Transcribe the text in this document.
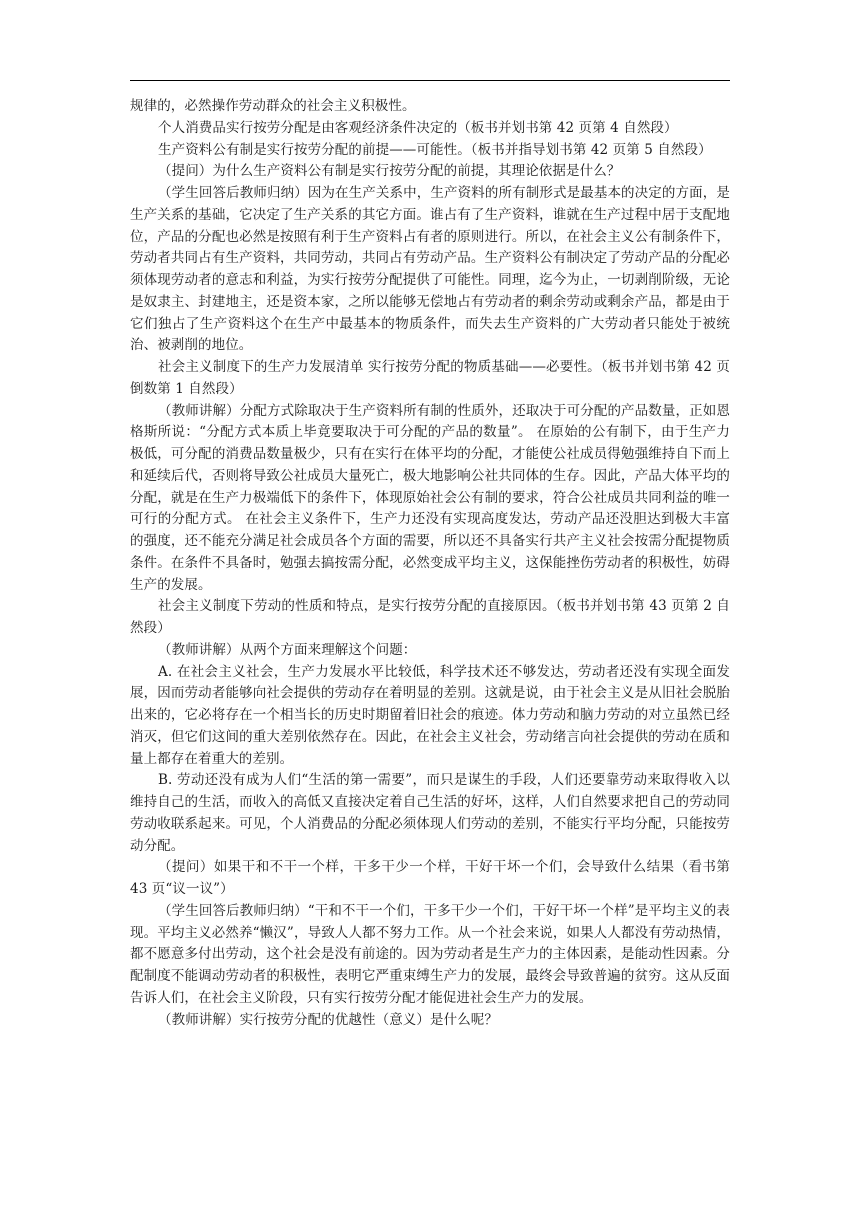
规律的，必然操作劳动群众的社会主义积极性。

个人消费品实行按劳分配是由客观经济条件决定的（板书并划书第 42 页第 4 自然段）

生产资料公有制是实行按劳分配的前提——可能性。（板书并指导划书第 42 页第 5 自然段）

（提问）为什么生产资料公有制是实行按劳分配的前提，其理论依据是什么？

（学生回答后教师归纳）因为在生产关系中，生产资料的所有制形式是最基本的决定的方面，是生产关系的基础，它决定了生产关系的其它方面。谁占有了生产资料，谁就在生产过程中居于支配地位，产品的分配也必然是按照有利于生产资料占有者的原则进行。所以，在社会主义公有制条件下，劳动者共同占有生产资料，共同劳动，共同占有劳动产品。生产资料公有制决定了劳动产品的分配必须体现劳动者的意志和利益，为实行按劳分配提供了可能性。同理，迄今为止，一切剥削阶级，无论是奴隶主、封建地主，还是资本家，之所以能够无偿地占有劳动者的剩余劳动或剩余产品，都是由于它们独占了生产资料这个在生产中最基本的物质条件，而失去生产资料的广大劳动者只能处于被统治、被剥削的地位。

社会主义制度下的生产力发展清单 实行按劳分配的物质基础——必要性。（板书并划书第 42 页倒数第 1 自然段）

（教师讲解）分配方式除取决于生产资料所有制的性质外，还取决于可分配的产品数量，正如恩格斯所说：“分配方式本质上毕竟要取决于可分配的产品的数量”。 在原始的公有制下，由于生产力极低，可分配的消费品数量极少，只有在实行在体平均的分配，才能使公社成员得勉强维持自下而上和延续后代，否则将导致公社成员大量死亡，极大地影响公社共同体的生存。因此，产品大体平均的分配，就是在生产力极端低下的条件下，体现原始社会公有制的要求，符合公社成员共同利益的唯一可行的分配方式。 在社会主义条件下，生产力还没有实现高度发达，劳动产品还没胆达到极大丰富的强度，还不能充分满足社会成员各个方面的需要，所以还不具备实行共产主义社会按需分配提物质条件。在条件不具备时，勉强去搞按需分配，必然变成平均主义，这保能挫伤劳动者的积极性，妨碍生产的发展。

社会主义制度下劳动的性质和特点，是实行按劳分配的直接原因。（板书并划书第 43 页第 2 自然段）

（教师讲解）从两个方面来理解这个问题：

A. 在社会主义社会，生产力发展水平比较低，科学技术还不够发达，劳动者还没有实现全面发展，因而劳动者能够向社会提供的劳动存在着明显的差别。这就是说，由于社会主义是从旧社会脱胎出来的，它必将存在一个相当长的历史时期留着旧社会的痕迹。体力劳动和脑力劳动的对立虽然已经消灭，但它们这间的重大差别依然存在。因此，在社会主义社会，劳动绪言向社会提供的劳动在质和量上都存在着重大的差别。

B. 劳动还没有成为人们“生活的第一需要”，而只是谋生的手段，人们还要靠劳动来取得收入以维持自己的生活，而收入的高低又直接决定着自己生活的好坏，这样，人们自然要求把自己的劳动同劳动收联系起来。可见，个人消费品的分配必须体现人们劳动的差别，不能实行平均分配，只能按劳动分配。

（提问）如果干和不干一个样，干多干少一个样，干好干坏一个们，会导致什么结果（看书第 43 页“议一议”）

（学生回答后教师归纳）“干和不干一个们，干多干少一个们，干好干坏一个样”是平均主义的表现。平均主义必然养“懒汉”，导致人人都不努力工作。从一个社会来说，如果人人都没有劳动热情，都不愿意多付出劳动，这个社会是没有前途的。因为劳动者是生产力的主体因素，是能动性因素。分配制度不能调动劳动者的积极性，表明它严重束缚生产力的发展，最终会导致普遍的贫穷。这从反面告诉人们，在社会主义阶段，只有实行按劳分配才能促进社会生产力的发展。

（教师讲解）实行按劳分配的优越性（意义）是什么呢？
